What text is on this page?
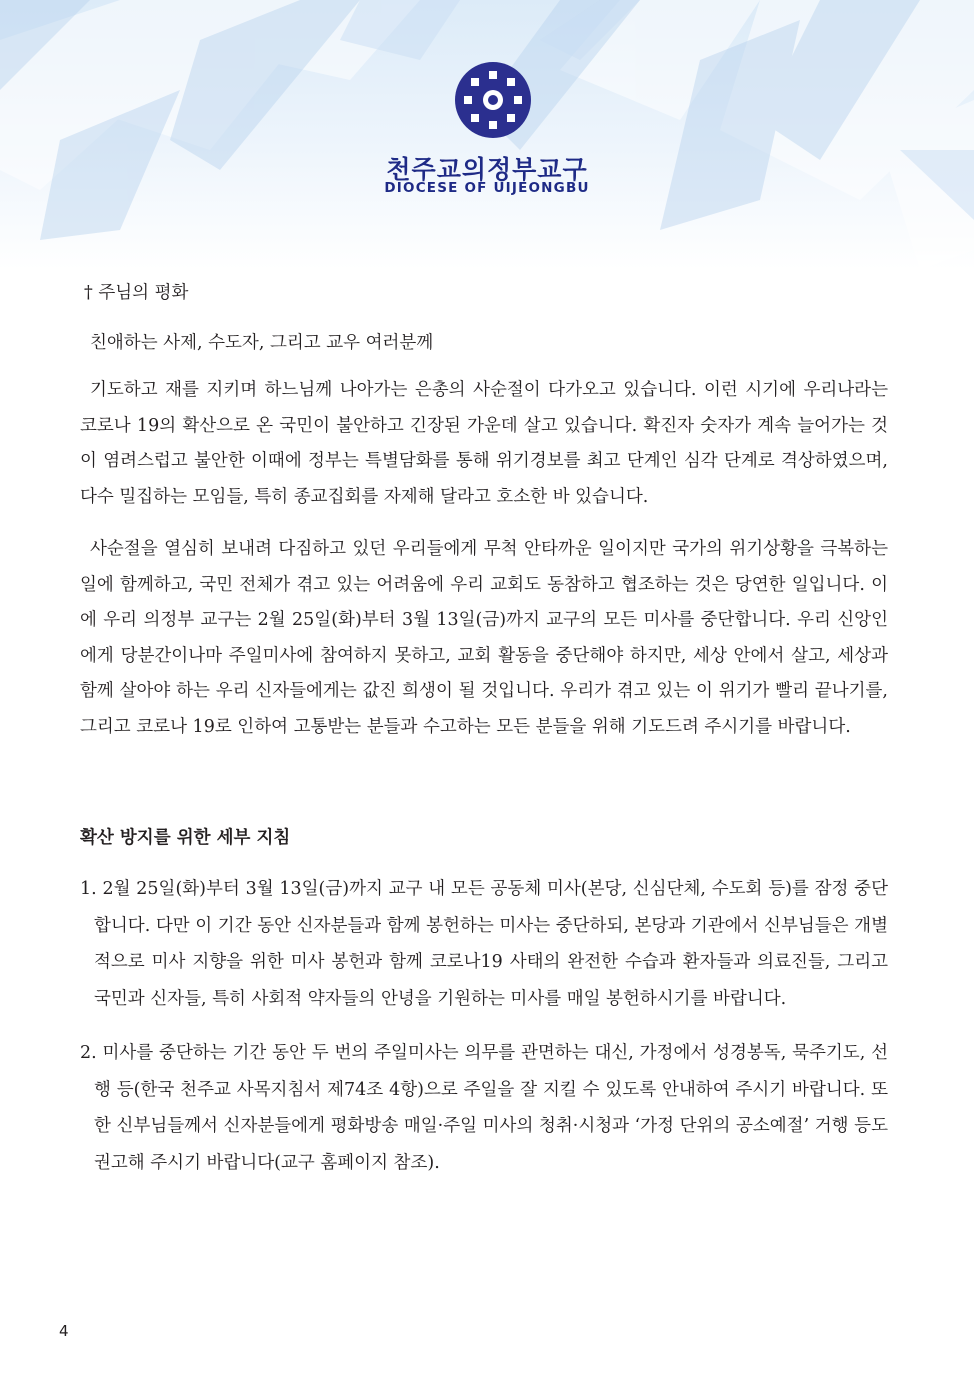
천주교의정부교구
DIOCESE OF UIJEONGBU

† 주님의 평화

친애하는 사제, 수도자, 그리고 교우 여러분께

기도하고 재를 지키며 하느님께 나아가는 은총의 사순절이 다가오고 있습니다. 이런 시기에 우리나라는 코로나 19의 확산으로 온 국민이 불안하고 긴장된 가운데 살고 있습니다. 확진자 숫자가 계속 늘어가는 것이 염려스럽고 불안한 이때에 정부는 특별담화를 통해 위기경보를 최고 단계인 심각 단계로 격상하였으며, 다수 밀집하는 모임들, 특히 종교집회를 자제해 달라고 호소한 바 있습니다.

사순절을 열심히 보내려 다짐하고 있던 우리들에게 무척 안타까운 일이지만 국가의 위기상황을 극복하는 일에 함께하고, 국민 전체가 겪고 있는 어려움에 우리 교회도 동참하고 협조하는 것은 당연한 일입니다. 이에 우리 의정부 교구는 2월 25일(화)부터 3월 13일(금)까지 교구의 모든 미사를 중단합니다. 우리 신앙인에게 당분간이나마 주일미사에 참여하지 못하고, 교회 활동을 중단해야 하지만, 세상 안에서 살고, 세상과 함께 살아야 하는 우리 신자들에게는 값진 희생이 될 것입니다. 우리가 겪고 있는 이 위기가 빨리 끝나기를, 그리고 코로나 19로 인하여 고통받는 분들과 수고하는 모든 분들을 위해 기도드려 주시기를 바랍니다.

확산 방지를 위한 세부 지침
1. 2월 25일(화)부터 3월 13일(금)까지 교구 내 모든 공동체 미사(본당, 신심단체, 수도회 등)를 잠정 중단합니다. 다만 이 기간 동안 신자분들과 함께 봉헌하는 미사는 중단하되, 본당과 기관에서 신부님들은 개별적으로 미사 지향을 위한 미사 봉헌과 함께 코로나19 사태의 완전한 수습과 환자들과 의료진들, 그리고 국민과 신자들, 특히 사회적 약자들의 안녕을 기원하는 미사를 매일 봉헌하시기를 바랍니다.
2. 미사를 중단하는 기간 동안 두 번의 주일미사는 의무를 관면하는 대신, 가정에서 성경봉독, 묵주기도, 선행 등(한국 천주교 사목지침서 제74조 4항)으로 주일을 잘 지킬 수 있도록 안내하여 주시기 바랍니다. 또한 신부님들께서 신자분들에게 평화방송 매일·주일 미사의 청취·시청과 ‘가정 단위의 공소예절’ 거행 등도 권고해 주시기 바랍니다(교구 홈페이지 참조).
4
